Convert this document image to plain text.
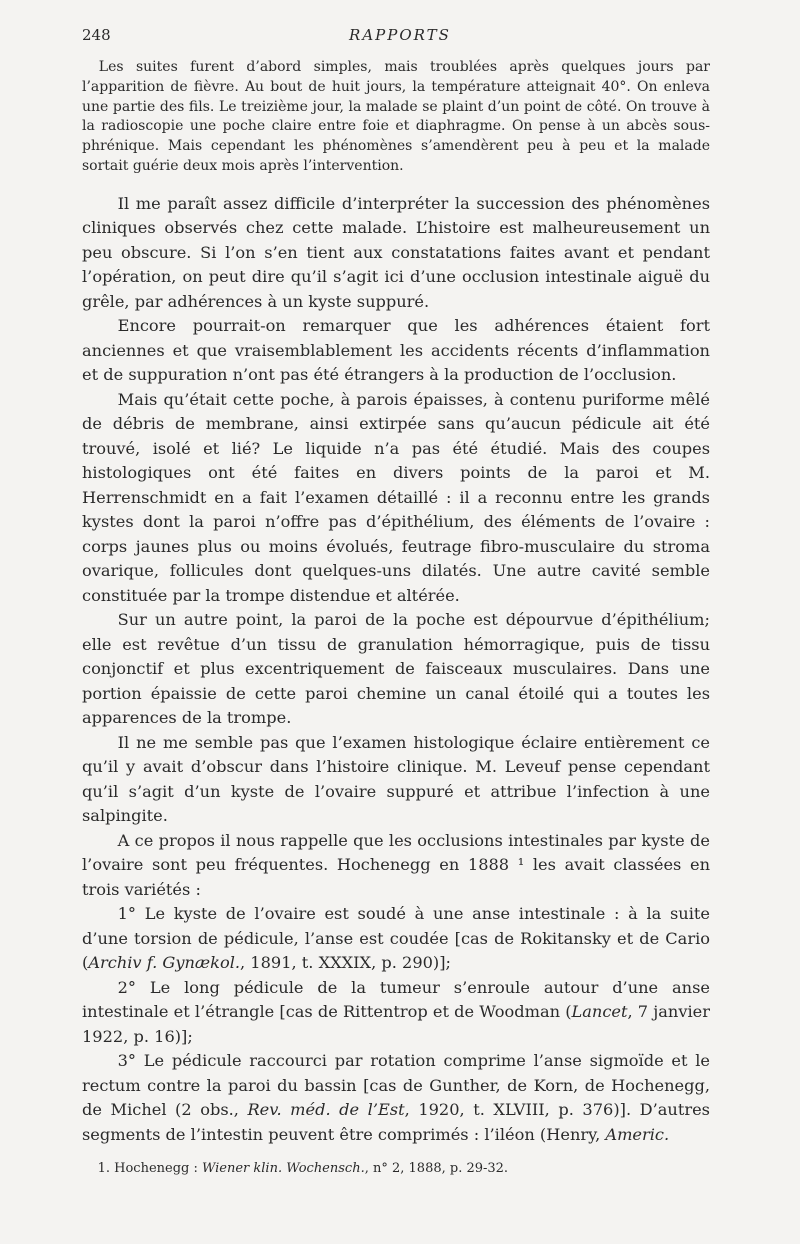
248	RAPPORTS

Les suites furent d’abord simples, mais troublées après quelques jours par l’apparition de fièvre. Au bout de huit jours, la température atteignait 40°. On enleva une partie des fils. Le treizième jour, la malade se plaint d’un point de côté. On trouve à la radioscopie une poche claire entre foie et diaphragme. On pense à un abcès sous-phrénique. Mais cependant les phénomènes s’amendèrent peu à peu et la malade sortait guérie deux mois après l’intervention.

Il me paraît assez difficile d’interpréter la succession des phénomènes cliniques observés chez cette malade. L’histoire est malheureusement un peu obscure. Si l’on s’en tient aux constatations faites avant et pendant l’opération, on peut dire qu’il s’agit ici d’une occlusion intestinale aiguë du grêle, par adhérences à un kyste suppuré.

Encore pourrait-on remarquer que les adhérences étaient fort anciennes et que vraisemblablement les accidents récents d’inflammation et de suppuration n’ont pas été étrangers à la production de l’occlusion.

Mais qu’était cette poche, à parois épaisses, à contenu puriforme mêlé de débris de membrane, ainsi extirpée sans qu’aucun pédicule ait été trouvé, isolé et lié? Le liquide n’a pas été étudié. Mais des coupes histologiques ont été faites en divers points de la paroi et M. Herrenschmidt en a fait l’examen détaillé : il a reconnu entre les grands kystes dont la paroi n’offre pas d’épithélium, des éléments de l’ovaire : corps jaunes plus ou moins évolués, feutrage fibro-musculaire du stroma ovarique, follicules dont quelques-uns dilatés. Une autre cavité semble constituée par la trompe distendue et altérée.

Sur un autre point, la paroi de la poche est dépourvue d’épithélium; elle est revêtue d’un tissu de granulation hémorragique, puis de tissu conjonctif et plus excentriquement de faisceaux musculaires. Dans une portion épaissie de cette paroi chemine un canal étoilé qui a toutes les apparences de la trompe.

Il ne me semble pas que l’examen histologique éclaire entièrement ce qu’il y avait d’obscur dans l’histoire clinique. M. Leveuf pense cependant qu’il s’agit d’un kyste de l’ovaire suppuré et attribue l’infection à une salpingite.

A ce propos il nous rappelle que les occlusions intestinales par kyste de l’ovaire sont peu fréquentes. Hochenegg en 1888 ¹ les avait classées en trois variétés :

1° Le kyste de l’ovaire est soudé à une anse intestinale : à la suite d’une torsion de pédicule, l’anse est coudée [cas de Rokitansky et de Cario (Archiv f. Gynækol., 1891, t. XXXIX, p. 290)];

2° Le long pédicule de la tumeur s’enroule autour d’une anse intestinale et l’étrangle [cas de Rittentrop et de Woodman (Lancet, 7 janvier 1922, p. 16)];

3° Le pédicule raccourci par rotation comprime l’anse sigmoïde et le rectum contre la paroi du bassin [cas de Gunther, de Korn, de Hochenegg, de Michel (2 obs., Rev. méd. de l’Est, 1920, t. XLVIII, p. 376)]. D’autres segments de l’intestin peuvent être comprimés : l’iléon (Henry, Americ.

1. Hochenegg : Wiener klin. Wochensch., n° 2, 1888, p. 29-32.
